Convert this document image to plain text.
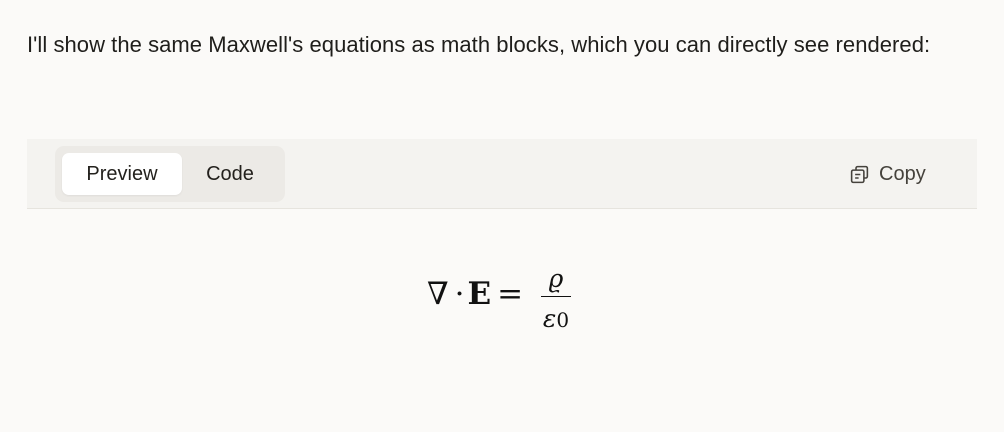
I'll show the same Maxwell's equations as math blocks, which you can directly see rendered:
Preview	Code	Copy
∇ ·E =	ϱ
ε0
